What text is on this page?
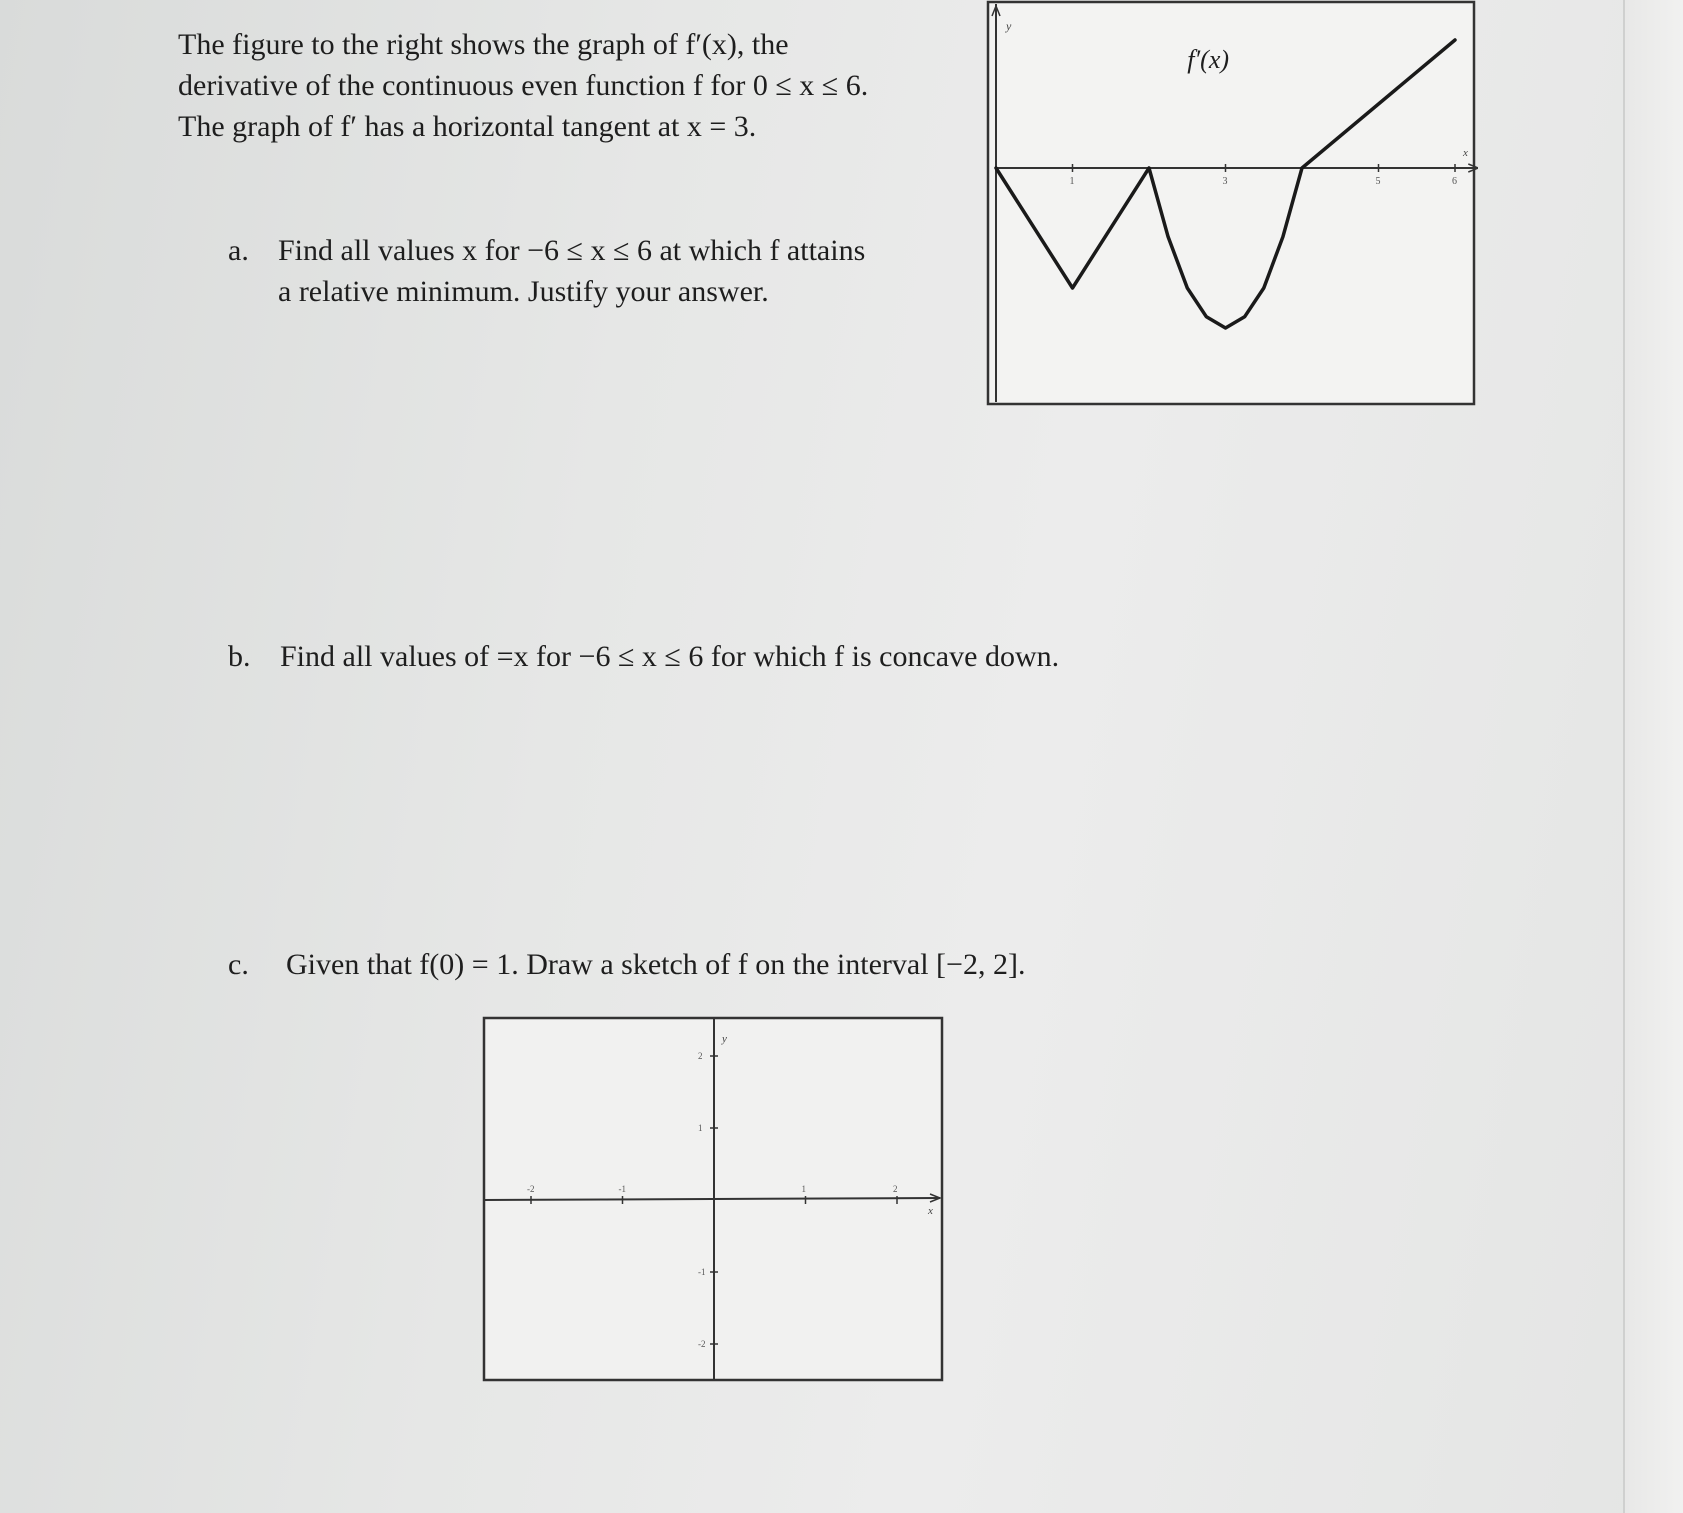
The figure to the right shows the graph of f′(x), the

derivative of the continuous even function f for 0 ≤ x ≤ 6.

The graph of f′ has a horizontal tangent at x = 3.

a. Find all values x for −6 ≤ x ≤ 6 at which f attains
a relative minimum. Justify your answer.
b. Find all values of =x for −6 ≤ x ≤ 6 for which f is concave down.
c. Given that f(0) = 1. Draw a sketch of f on the interval [−2, 2].
y
x
1	3	5	6
f′(x)
-2	-1	1	2
2
1
-1
-2
y
x
